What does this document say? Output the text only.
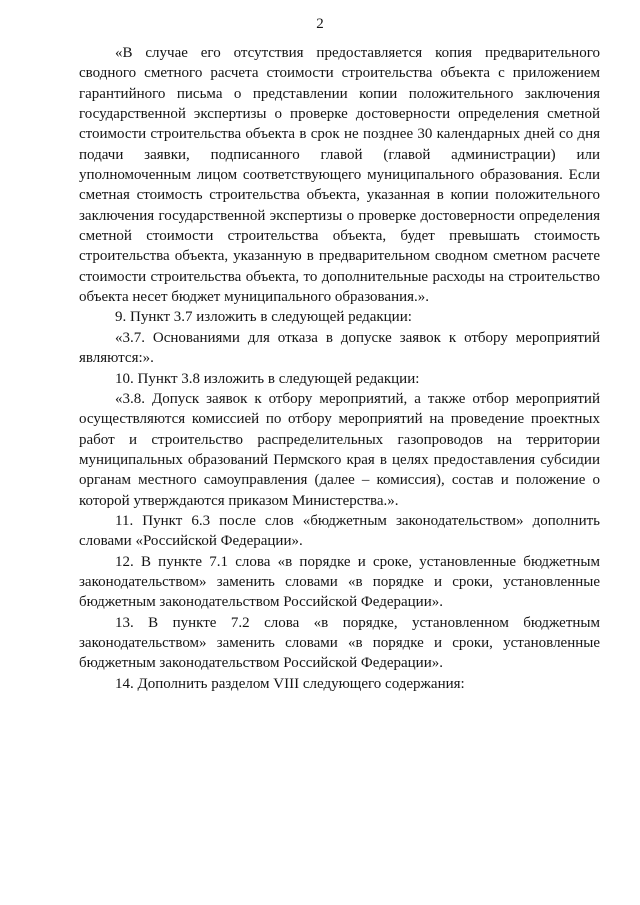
2

«В случае его отсутствия предоставляется копия предварительного сводного сметного расчета стоимости строительства объекта с приложением гарантийного письма о представлении копии положительного заключения государственной экспертизы о проверке достоверности определения сметной стоимости строительства объекта в срок не позднее 30 календарных дней со дня подачи заявки, подписанного главой (главой администрации) или уполномоченным лицом соответствующего муниципального образования. Если сметная стоимость строительства объекта, указанная в копии положительного заключения государственной экспертизы о проверке достоверности определения сметной стоимости строительства объекта, будет превышать стоимость строительства объекта, указанную в предварительном сводном сметном расчете стоимости строительства объекта, то дополнительные расходы на строительство объекта несет бюджет муниципального образования.».

9. Пункт 3.7 изложить в следующей редакции:

«3.7. Основаниями для отказа в допуске заявок к отбору мероприятий являются:».

10. Пункт 3.8 изложить в следующей редакции:

«3.8. Допуск заявок к отбору мероприятий, а также отбор мероприятий осуществляются комиссией по отбору мероприятий на проведение проектных работ и строительство распределительных газопроводов на территории муниципальных образований Пермского края в целях предоставления субсидии органам местного самоуправления (далее – комиссия), состав и положение о которой утверждаются приказом Министерства.».

11. Пункт 6.3 после слов «бюджетным законодательством» дополнить словами «Российской Федерации».

12. В пункте 7.1 слова «в порядке и сроке, установленные бюджетным законодательством» заменить словами «в порядке и сроки, установленные бюджетным законодательством Российской Федерации».

13. В пункте 7.2 слова «в порядке, установленном бюджетным законодательством» заменить словами «в порядке и сроки, установленные бюджетным законодательством Российской Федерации».

14. Дополнить разделом VIII следующего содержания:
